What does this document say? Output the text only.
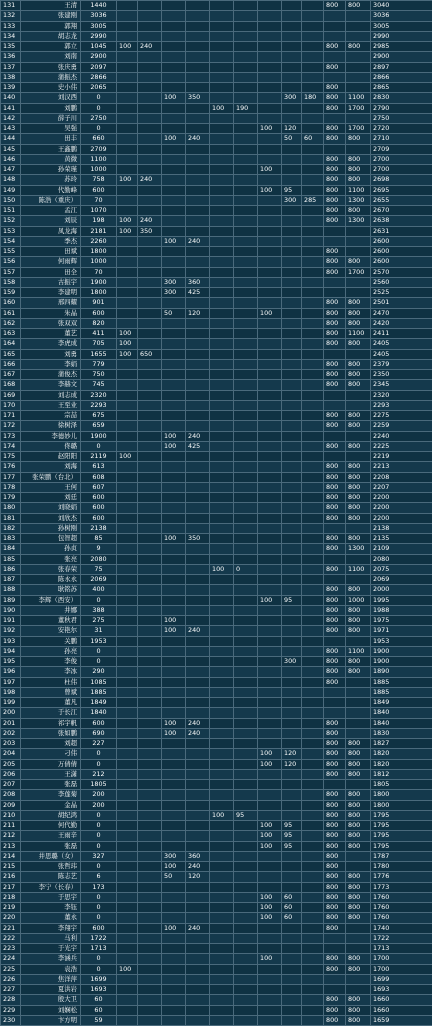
131	王清	1440										800	800	3040
132	张建刚	3036												3036
133	郭翔	3005												3005
134	胡志龙	2990												2990
135	郭立	1045	100	240								800	800	2985
136	刘南	2900												2900
137	张庆勇	2097										800		2897
138	蒲振杰	2866												2866
139	史小伟	2065										800		2865
140	刘汉西	0			100	350				300	180	800	1100	2830
141	刘鹏	0					100	190				800	1700	2790
142	薛子川	2750												2750
143	吴强	0							100	120		800	1700	2720
144	田丰	660			100	240				50	60	800	800	2710
145	王鑫鹏	2709												2709
146	黄微	1100										800	800	2700
147	孙荣瑾	1000							100			800	800	2700
148	苏玲	758	100	240								800	800	2698
149	代勤峰	600							100	95		800	1100	2695
150	陈浩（重庆）	70								300	285	800	1300	2655
151	孟江	1070										800	800	2670
152	刘辰	198	100	240								800	1300	2638
153	凤龙海	2181	100	350										2631
154	季杰	2260			100	240								2600
155	田斌	1800										800		2600
156	何雨辉	1000										800	800	2600
157	田全	70										800	1700	2570
158	古振宇	1900			300	360								2560
159	李建明	1800			300	425								2525
160	邢四耀	901										800	800	2501
161	朱晶	600			50	120			100			800	800	2470
162	张双双	820										800	800	2420
163	董艺	411	100									800	1100	2411
164	李虎成	705	100									800	800	2405
165	刘勇	1655	100	650										2405
166	李娟	779										800	800	2379
167	蒲俊杰	750										800	800	2350
168	李赫文	745										800	800	2345
169	刘志成	2320												2320
170	王至业	2293												2293
171	宗喆	675										800	800	2275
172	徐树泽	659										800	800	2259
173	李德妙儿	1900			100	240								2240
174	佟璐	0			100	425						800	800	2225
175	赵阳阳	2119	100											2219
176	刘海	613										800	800	2213
177	张荣鹏（台北）	608										800	800	2208
178	王何	607										800	800	2207
179	刘廷	600										800	800	2200
180	刘晓娟	600										800	800	2200
181	刘欣杰	600										800	800	2200
182	孙树刚	2138												2138
183	包智超	85			100	350						800	800	2135
184	孙贞	9										800	1300	2109
185	张亮	2080												2080
186	张春荣	75					100	0				800	1100	2075
187	陈永永	2069												2069
188	耿铭苏	400										800	800	2000
189	李辉（西安）	0							100	95		800	1000	1995
190	井娜	388										800	800	1988
191	董秋君	275			100							800	800	1975
192	安艳尔	31			100	240						800	800	1971
193	关鹏	1953												1953
194	孙亮	0										800	1100	1900
195	李俊	0								300		800	800	1900
196	李冰	290										800	800	1890
197	杜伟	1085										800		1885
198	曾斌	1885												1885
199	董凡	1849												1849
200	于长江	1840												1840
201	祁宇帆	600			100	240						800		1840
202	张如鹏	690			100	240						800		1830
203	刘超	227										800	800	1827
204	刁伟	0							100	120		800	800	1820
205	万倩倩	0							100	120		800	800	1820
206	王潇	212										800	800	1812
207	张磊	1805												1805
208	李莲菊	200										800	800	1800
209	金晶	200										800	800	1800
210	胡纪鸿	0					100	95				800	800	1795
211	何代勤	0							100	95		800	800	1795
212	王雨辛	0							100	95		800	800	1795
213	张磊	0							100	95		800	800	1795
214	井思璐（女）	327			300	360						800		1787
215	张哲玮	0			100	240						800		1780
216	陈志艺	6			50	120						800	800	1776
217	李宁（长春）	173										800	800	1773
218	于思宇	0							100	60		800	800	1760
219	李钰	0							100	60		800	800	1760
220	董永	0							100	60		800	800	1760
221	李翔宇	600			100	240						800		1740
222	马利	1722												1722
223	于光宇	1713												1713
224	李涵兵	0							100			800	800	1700
225	袁浩	0	100									800	800	1700
226	焦洋萍	1699												1699
227	夏洪岩	1693												1693
228	殷大卫	60										800	800	1660
229	刘娴松	60										800	800	1660
230	卞方明	59										800	800	1659
